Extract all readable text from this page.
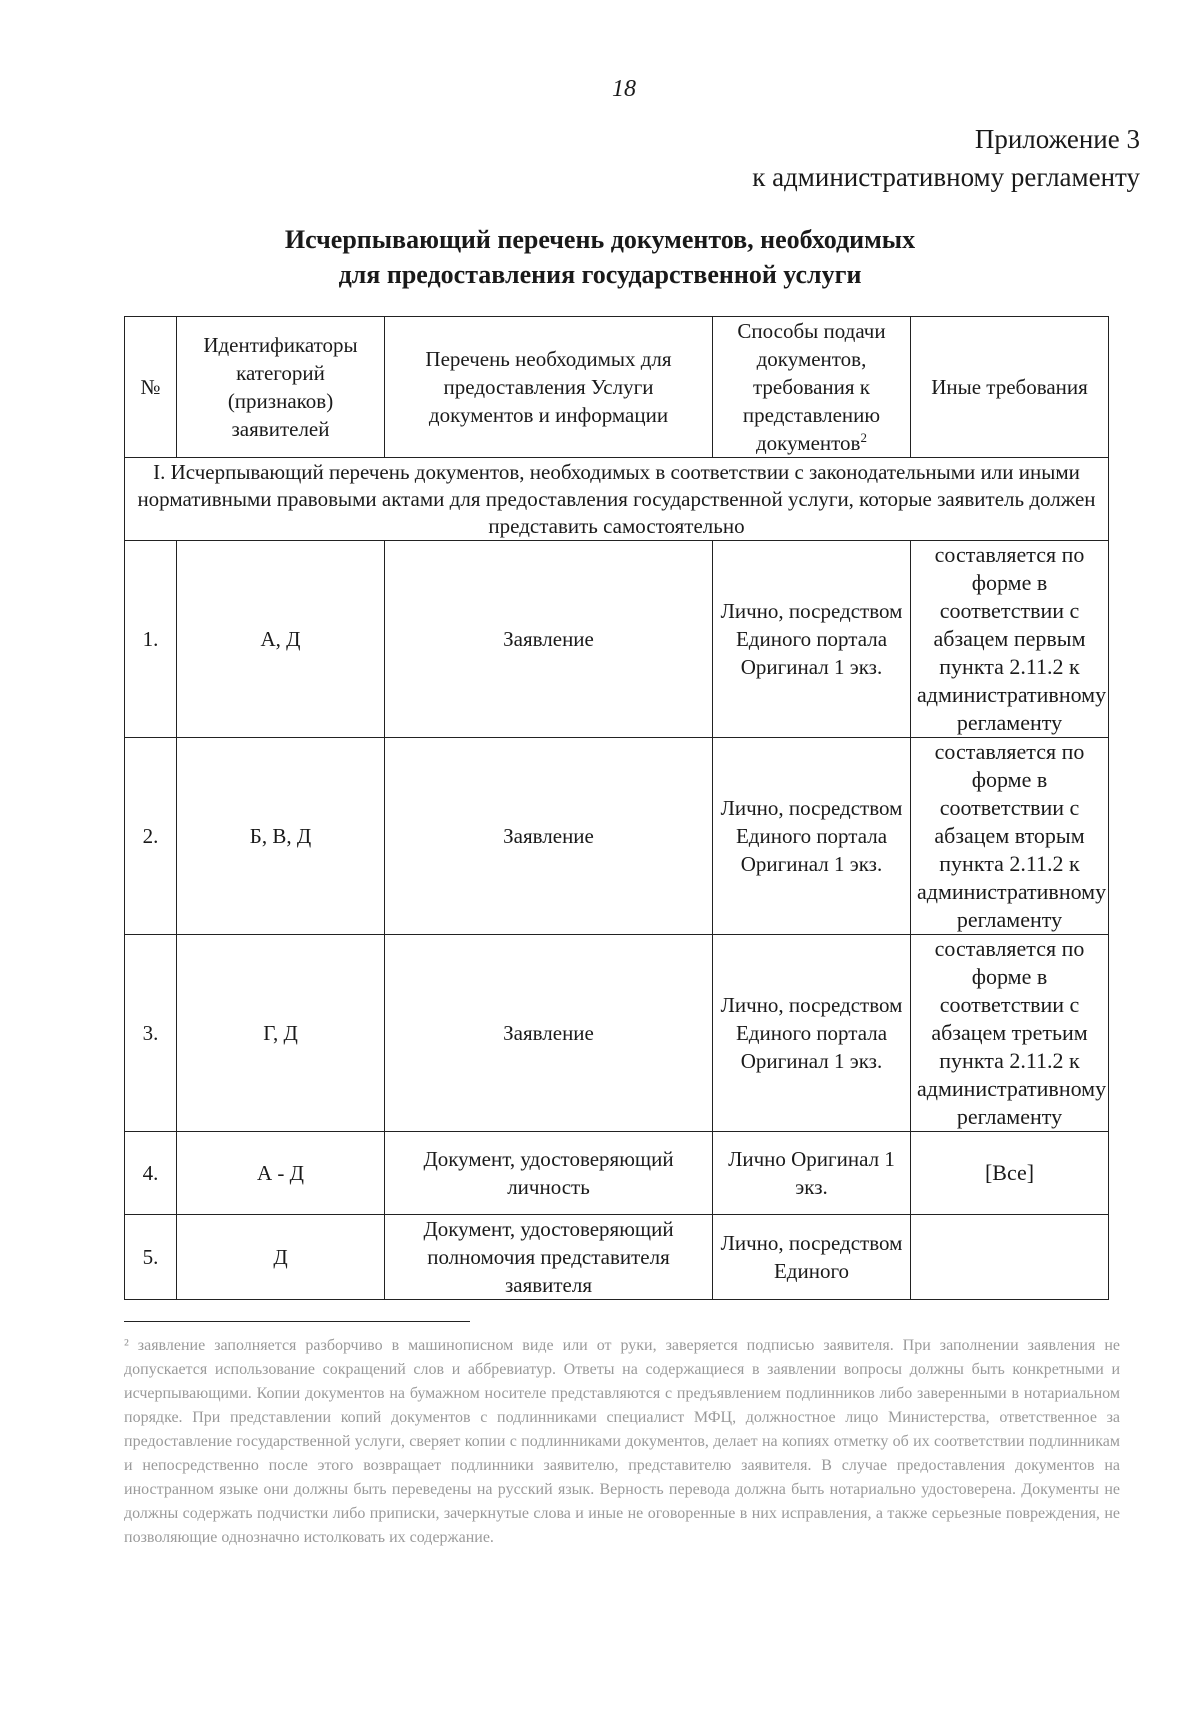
18
Приложение 3
к административному регламенту
Исчерпывающий перечень документов, необходимых
для предоставления государственной услуги
№	Идентификаторы категорий (признаков) заявителей	Перечень необходимых для предоставления Услуги документов и информации	Способы подачи документов, требования к представлению документов$^2$	Иные требования
I. Исчерпывающий перечень документов, необходимых в соответствии с законодательными или иными нормативными правовыми актами для предоставления государственной услуги, которые заявитель должен представить самостоятельно				
1.	А, Д	Заявление	Лично, посредством Единого портала Оригинал 1 экз.	составляется по форме в соответствии с абзацем первым пункта 2.11.2 к административному регламенту
2.	Б, В, Д	Заявление	Лично, посредством Единого портала Оригинал 1 экз.	составляется по форме в соответствии с абзацем вторым пункта 2.11.2 к административному регламенту
3.	Г, Д	Заявление	Лично, посредством Единого портала Оригинал 1 экз.	составляется по форме в соответствии с абзацем третьим пункта 2.11.2 к административному регламенту
4.	А - Д	Документ, удостоверяющий личность	Лично Оригинал 1 экз.	[Все]
5.	Д	Документ, удостоверяющий полномочия представителя заявителя	Лично, посредством Единого	
² заявление заполняется разборчиво в машинописном виде или от руки, заверяется подписью заявителя. При заполнении заявления не допускается использование сокращений слов и аббревиатур. Ответы на содержащиеся в заявлении вопросы должны быть конкретными и исчерпывающими. Копии документов на бумажном носителе представляются с предъявлением подлинников либо заверенными в нотариальном порядке. При представлении копий документов с подлинниками специалист МФЦ, должностное лицо Министерства, ответственное за предоставление государственной услуги, сверяет копии с подлинниками документов, делает на копиях отметку об их соответствии подлинникам и непосредственно после этого возвращает подлинники заявителю, представителю заявителя. В случае предоставления документов на иностранном языке они должны быть переведены на русский язык. Верность перевода должна быть нотариально удостоверена. Документы не должны содержать подчистки либо приписки, зачеркнутые слова и иные не оговоренные в них исправления, а также серьезные повреждения, не позволяющие однозначно истолковать их содержание.
